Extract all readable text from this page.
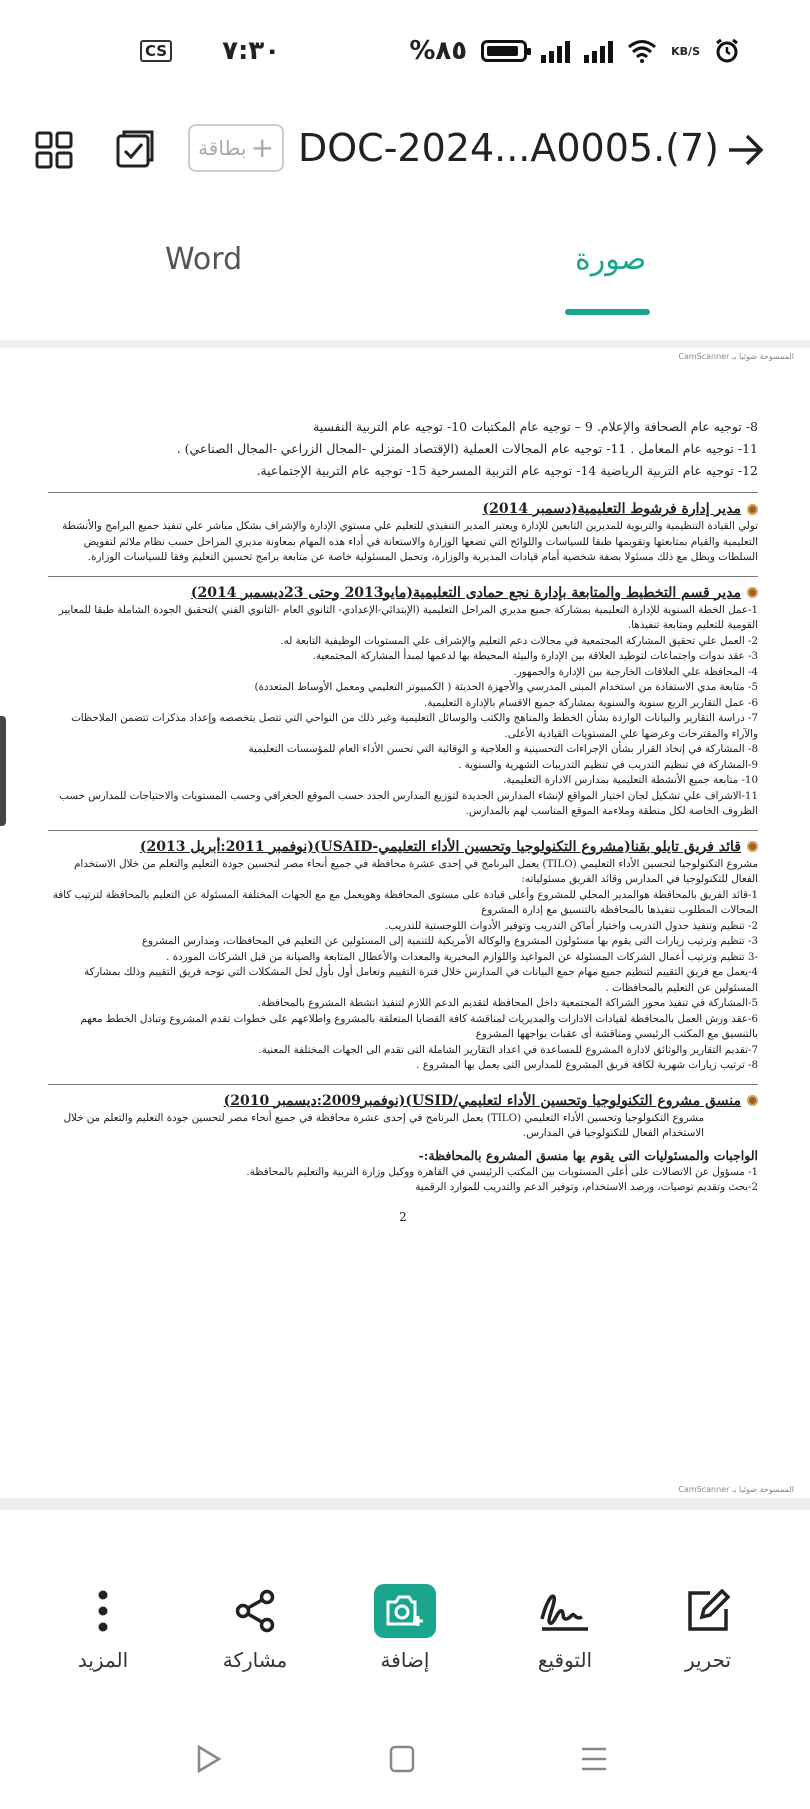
CS ٧:٣٠	%٨٥	KB/S
بطاقة + DOC-2024...A0005.(7)
Word	صورة
CamScanner الممسوحة ضوئيا بـ
8- توجيه عام الصحافة والإعلام. 9 – توجيه عام المكتبات 10- توجيه عام التربية النفسية
11- توجيه عام المعامل . 11- توجيه عام المجالات العملية (الإقتصاد المنزلي -المجال الزراعي -المجال الصناعي) .
12- توجيه عام التربية الرياضية 14- توجيه عام التربية المسرحية 15- توجيه عام التربية الإجتماعية.
مدير إدارة فرشوط التعليمية(دسمبر 2014)
تولي القيادة التنظيمية والتربوية للمديرين التابعين للإدارة ويعتبر المدير التنفيذي للتعليم علي مستوي الإدارة والإشراف بشكل مباشر علي تنفيذ جميع البرامج والأنشطة التعليمية والقيام بمتابعتها وتقويمها طبقا للسياسات واللوائح التي تضعها الوزارة والاستعانة في أداء هذه المهام بمعاونة مديري المراحل حسب نظام ملائم لتفويض السلطات ويظل مع ذلك مسئولا بصفة شخصية أمام قيادات المديرية والوزارة، وتحمل المسئولية خاصة عن متابعة برامج تحسين التعليم وفقا للسياسات الوزارة.
مدير قسم التخطيط والمتابعة بإدارة نجع حمادى التعليمية(مايو2013 وحتى 23ديسمبر 2014)
1-عمل الخطة السنوية للإدارة التعليمية بمشاركة جميع مديري المراحل التعليمية (الإبتدائي-الإعدادي- الثانوي العام -الثانوي الفني )لتحقيق الجودة الشاملة طبقا للمعايير القومية للتعليم ومتابعة تنفيذها.
2- العمل علي تحقيق المشاركة المجتمعية في مجالات دعم التعليم والإشراف علي المستويات الوظيفية التابعة له.
3- عقد ندوات واجتماعات لتوطيد العلاقة بين الإدارة والبيئة المحيطة بها لدعمها لمبدأ المشاركة المجتمعية.
4- المحافظة علي العلاقات الخارجية بين الإدارة والجمهور.
5- متابعة مدي الاستفادة من استخدام المبنى المدرسي والأجهزة الحديثة ( الكمبيوتر التعليمي ومعمل الأوساط المتعددة)
6- عمل التقارير الربع سنوية والسنوية بمشاركة جميع الاقسام بالإدارة التعليمية.
7- دراسة التقارير والبيانات الواردة بشأن الخطط والمناهج والكتب والوسائل التعليمية وغير ذلك من النواحي التي تتصل بتخصصه وإعداد مذكرات تتضمن الملاحظات والآراء والمقترحات وعرضها علي المستويات القيادية الأعلى.
8- المشاركة في إتخاذ القرار بشأن الإجراءات التحسينية و العلاجية و الوقائية التي تحسن الأداء العام للمؤسسات التعليمية
9-المشاركة في تنظيم التدريب في تنظيم التدريبات الشهرية والسنوية .
10- متابعة جميع الأنشطة التعليمية بمدارس الادارة التعليمية.
11-الاشراف علي تشكيل لجان اختيار المواقع لإنشاء المدارس الجديدة لتوزيع المدارس الجدد حسب الموقع الجغرافي وحسب المستويات والاحتياجات للمدارس حسب الظروف الخاصة لكل منطقة وملاءمة الموقع المناسب لهم بالمدارس.
قائد فريق تايلو بقنا(مشروع التكنولوجيا وتحسين الأداء التعليمي-USAID)(نوفمبر 2011:أبريل 2013)
مشروع التكنولوجيا لتحسين الأداء التعليمي (TILO) يعمل البرنامج في إحدى عشرة محافظة في جميع أنحاء مصر لتحسين جودة التعليم والتعلم من خلال الاستخدام الفعال للتكنولوجيا في المدارس وقائد الفريق مسئولياته:
1-قائد الفريق بالمحافظة هوالمدير المحلي للمشروع وأعلى قيادة على مستوى المحافظة وهويعمل مع مع الجهات المختلفة المسئولة عن التعليم بالمحافظة لترتيب كافة المجالات المطلوب تنفيذها بالمحافظة بالتنسيق مع إدارة المشروع
2- تنظيم وتنفيذ جدول التدريب واختيار أماكن التدريب وتوفير الأدوات اللوجستية للتدريب.
3- تنظيم وترتيب زيارات التى يقوم بها مسئولون المشروع والوكالة الأمريكية للتنمية إلى المسئولين عن التعليم في المحافظات، ومدارس المشروع
-3 تنظيم وترتيب أعمال الشركات المسئولة عن المواعيد واللوازم المخبرية والمعدات والأعطال المتابعة والصيانة من قبل الشركات الموردة .
4-يعمل مع فريق التقييم لتنظيم جميع مهام جمع البيانات في المدارس خلال فترة التقييم وتعامل أول بأول لحل المشكلات التي توجه فريق التقييم وذلك بمشاركة المسئولين عن التعليم بالمحافظات .
5-المشاركة في تنفيذ محور الشراكة المجتمعية داخل المحافظة لتقديم الدعم اللازم لتنفيذ انشطة المشروع بالمحافظة.
6-عقد ورش العمل بالمحافظة لقيادات الادارات والمديريات لمناقشة كافة القضايا المتعلقة بالمشروع واطلاعهم على خطوات تقدم المشروع وتبادل الخطط معهم بالتنسيق مع المكتب الرئيسي ومناقشة أى عقبات يواجهها المشروع
7-تقديم التقارير والوثائق لادارة المشروع للمساعدة في اعداد التقارير الشاملة التى تقدم الى الجهات المختلفة المعنية.
8- ترتيب زيارات شهرية لكافة فريق المشروع للمدارس التى يعمل بها المشروع .
منسق مشروع التكنولوجيا وتحسين الأداء لتعليمي/USID)(نوفمبر2009:ديسمبر 2010)
مشروع التكنولوجيا وتحسين الأداء التعليمي (TILO) يعمل البرنامج في إحدى عشرة محافظة في جميع أنحاء مصر لتحسين جودة التعليم والتعلم من خلال الاستخدام الفعال للتكنولوجيا في المدارس.
الواجبات والمسئوليات التى يقوم بها منسق المشروع بالمحافظة:-
1- مسؤول عن الاتصالات على أعلى المستويات بين المكتب الرئيسي في القاهرة ووكيل وزارة التربية والتعليم بالمحافظة.
2-بحث وتقديم توصيات، ورصد الاستخدام، وتوفير الدعم والتدريب للموارد الرقمية
2
CamScanner الممسوحة ضوئيا بـ
تحرير
التوقيع
إضافة
مشاركة
المزيد
